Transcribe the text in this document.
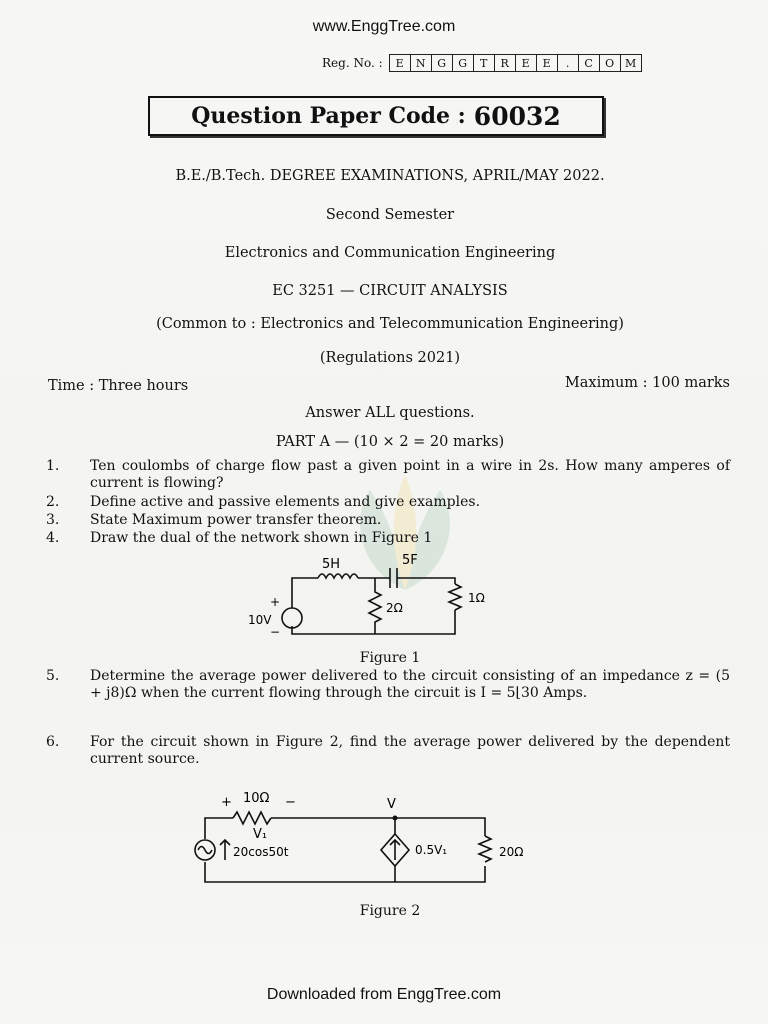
www.EnggTree.com
Reg. No. :	E	N	G	G	T	R	E	E	.	C	O M
Question Paper Code : 60032
B.E./B.Tech. DEGREE EXAMINATIONS, APRIL/MAY 2022.
Second Semester
Electronics and Communication Engineering
EC 3251 — CIRCUIT ANALYSIS
(Common to : Electronics and Telecommunication Engineering)
(Regulations 2021)
Time : Three hours	Maximum : 100 marks
Answer ALL questions.
PART A — (10 × 2 = 20 marks)
1. Ten coulombs of charge flow past a given point in a wire in 2s. How many amperes of current is flowing?
2. Define active and passive elements and give examples.
3. State Maximum power transfer theorem.
4. Draw the dual of the network shown in Figure 1
5H	5F
10V
+
−
2Ω
1Ω
Figure 1
5. Determine the average power delivered to the circuit consisting of an impedance z = (5 + j8)Ω when the current flowing through the circuit is I = 5⌊30 Amps.
6. For the circuit shown in Figure 2, find the average power delivered by the dependent current source.
+ 10Ω −
V₁
V
20cos50t	0.5V₁	20Ω
Figure 2
Downloaded from EnggTree.com
